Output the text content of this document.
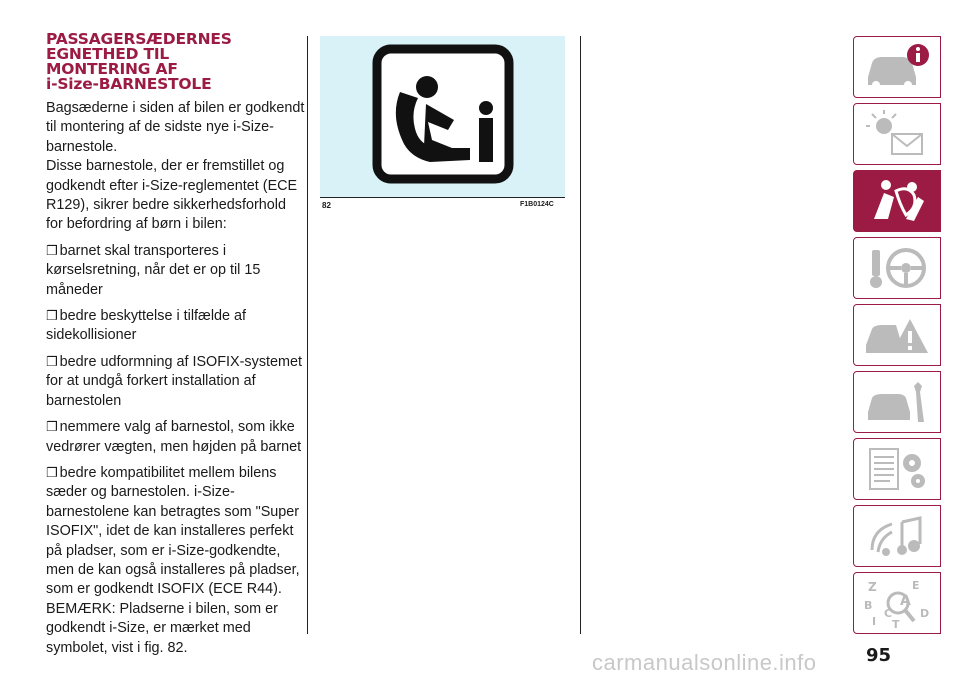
PASSAGERSÆDERNES
EGNETHED TIL
MONTERING AF
i-Size-BARNESTOLE

Bagsæderne i siden af bilen er godkendt til montering af de sidste nye i-Size-barnestole.

Disse barnestole, der er fremstillet og godkendt efter i-Size-reglementet (ECE R129), sikrer bedre sikkerhedsforhold for befordring af børn i bilen:

❒ barnet skal transporteres i kørselsretning, når det er op til 15 måneder

❒ bedre beskyttelse i tilfælde af sidekollisioner

❒ bedre udformning af ISOFIX-systemet for at undgå forkert installation af barnestolen

❒ nemmere valg af barnestol, som ikke vedrører vægten, men højden på barnet

❒ bedre kompatibilitet mellem bilens sæder og barnestolen. i-Size-barnestolene kan betragtes som "Super ISOFIX", idet de kan installeres perfekt på pladser, som er i-Size-godkendte, men de kan også installeres på pladser, som er godkendt ISOFIX (ECE R44).

BEMÆRK: Pladserne i bilen, som er godkendt i-Size, er mærket med symbolet, vist i fig. 82.

82	F1B0124C
Z	E
A
B
C	D
I T
95
carmanualsonline.info
